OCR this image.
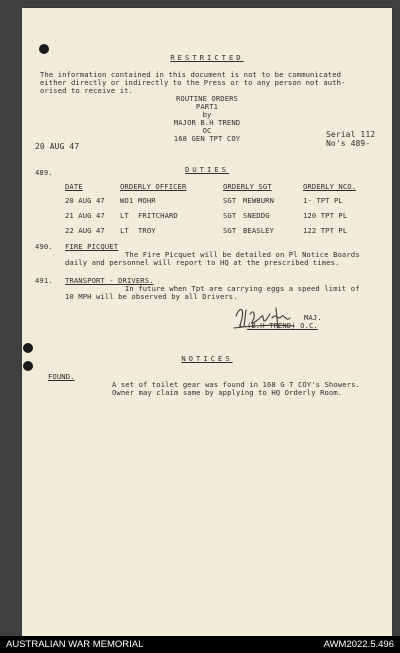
RESTRICTED
The information contained in this document is not to be communicated
either directly or indirectly to the Press or to any person not auth-
orised to receive it.
ROUTINE ORDERS
PART1
by
MAJOR B.H TREND
OC
168 GEN TPT COY
20 AUG 47
Serial 112
No's 489-
489.	DUTIES
DATE	ORDERLY OFFICER	ORDERLY SGT	ORDERLY NCO.
20 AUG 47 WO1 MOHR	SGT MEWBURN	1- TPT PL
21 AUG 47 LT FRITCHARD	SGT SNEDDG	120 TPT PL
22 AUG 47 LT TROY	SGT BEASLEY	122 TPT PL
490. FIRE PICQUET
The Fire Picquet will be detailed on Pl Notice Boards
daily and personnel will report to HQ at the prescribed times.
491. TRANSPORT - DRIVERS.
In future when Tpt are carrying eggs a speed limit of
10 MPH will be observed by all Drivers.
MAJ.
(B.H TREND) O.C.
NOTICES
FOUND.
A set of toilet gear was found in 168 G T COY's Showers.
Owner may claim same by applying to HQ Orderly Room.
AUSTRALIAN WAR MEMORIAL	AWM2022.5.496
